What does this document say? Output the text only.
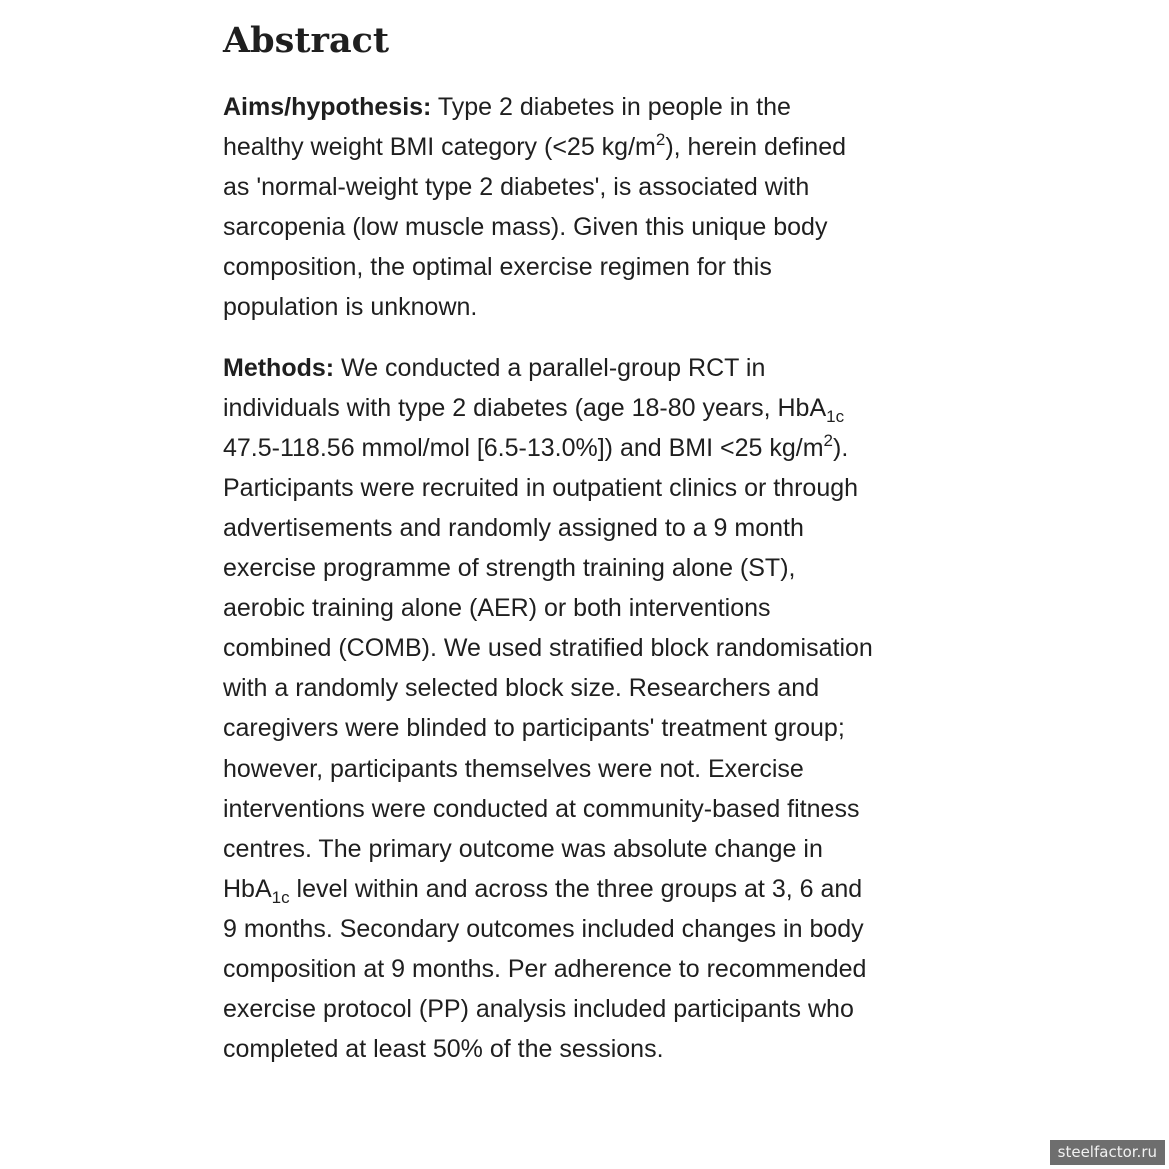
Abstract

Aims/hypothesis: Type 2 diabetes in people in the healthy weight BMI category (<25 $kg/m^2$), herein defined as 'normal-weight type 2 diabetes', is associated with sarcopenia (low muscle mass). Given this unique body composition, the optimal exercise regimen for this population is unknown.

Methods: We conducted a parallel-group RCT in individuals with type 2 diabetes (age 18-80 years, HbA$_{1c}$ 47.5-118.56 mmol/mol [6.5-13.0%]) and BMI <25 $kg/m^2$). Participants were recruited in outpatient clinics or through advertisements and randomly assigned to a 9 month exercise programme of strength training alone (ST), aerobic training alone (AER) or both interventions combined (COMB). We used stratified block randomisation with a randomly selected block size. Researchers and caregivers were blinded to participants' treatment group; however, participants themselves were not. Exercise interventions were conducted at community-based fitness centres. The primary outcome was absolute change in HbA$_{1c}$ level within and across the three groups at 3, 6 and 9 months. Secondary outcomes included changes in body composition at 9 months. Per adherence to recommended exercise protocol (PP) analysis included participants who completed at least 50% of the sessions.

steelfactor.ru
